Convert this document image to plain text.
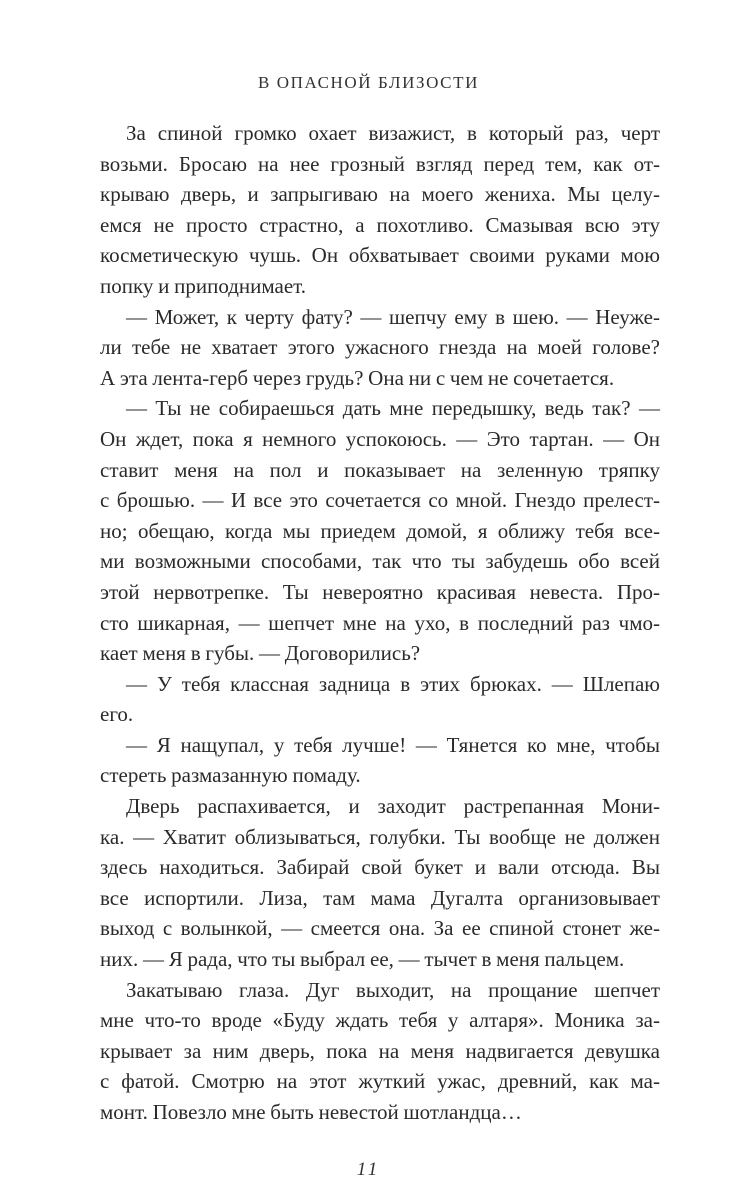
В ОПАСНОЙ БЛИЗОСТИ
За спиной громко охает визажист, в который раз, черт
возьми. Бросаю на нее грозный взгляд перед тем, как от-
крываю дверь, и запрыгиваю на моего жениха. Мы целу-
емся не просто страстно, а похотливо. Смазывая всю эту
косметическую чушь. Он обхватывает своими руками мою
попку и приподнимает.
— Может, к черту фату? — шепчу ему в шею. — Неуже-
ли тебе не хватает этого ужасного гнезда на моей голове?
А эта лента-герб через грудь? Она ни с чем не сочетается.
— Ты не собираешься дать мне передышку, ведь так? —
Он ждет, пока я немного успокоюсь. — Это тартан. — Он
ставит меня на пол и показывает на зеленную тряпку
с брошью. — И все это сочетается со мной. Гнездо прелест-
но; обещаю, когда мы приедем домой, я оближу тебя все-
ми возможными способами, так что ты забудешь обо всей
этой нервотрепке. Ты невероятно красивая невеста. Про-
сто шикарная, — шепчет мне на ухо, в последний раз чмо-
кает меня в губы. — Договорились?
— У тебя классная задница в этих брюках. — Шлепаю
его.
— Я нащупал, у тебя лучше! — Тянется ко мне, чтобы
стереть размазанную помаду.
Дверь распахивается, и заходит растрепанная Мони-
ка. — Хватит облизываться, голубки. Ты вообще не должен
здесь находиться. Забирай свой букет и вали отсюда. Вы
все испортили. Лиза, там мама Дугалта организовывает
выход с волынкой, — смеется она. За ее спиной стонет же-
них. — Я рада, что ты выбрал ее, — тычет в меня пальцем.
Закатываю глаза. Дуг выходит, на прощание шепчет
мне что-то вроде «Буду ждать тебя у алтаря». Моника за-
крывает за ним дверь, пока на меня надвигается девушка
с фатой. Смотрю на этот жуткий ужас, древний, как ма-
монт. Повезло мне быть невестой шотландца…
11
